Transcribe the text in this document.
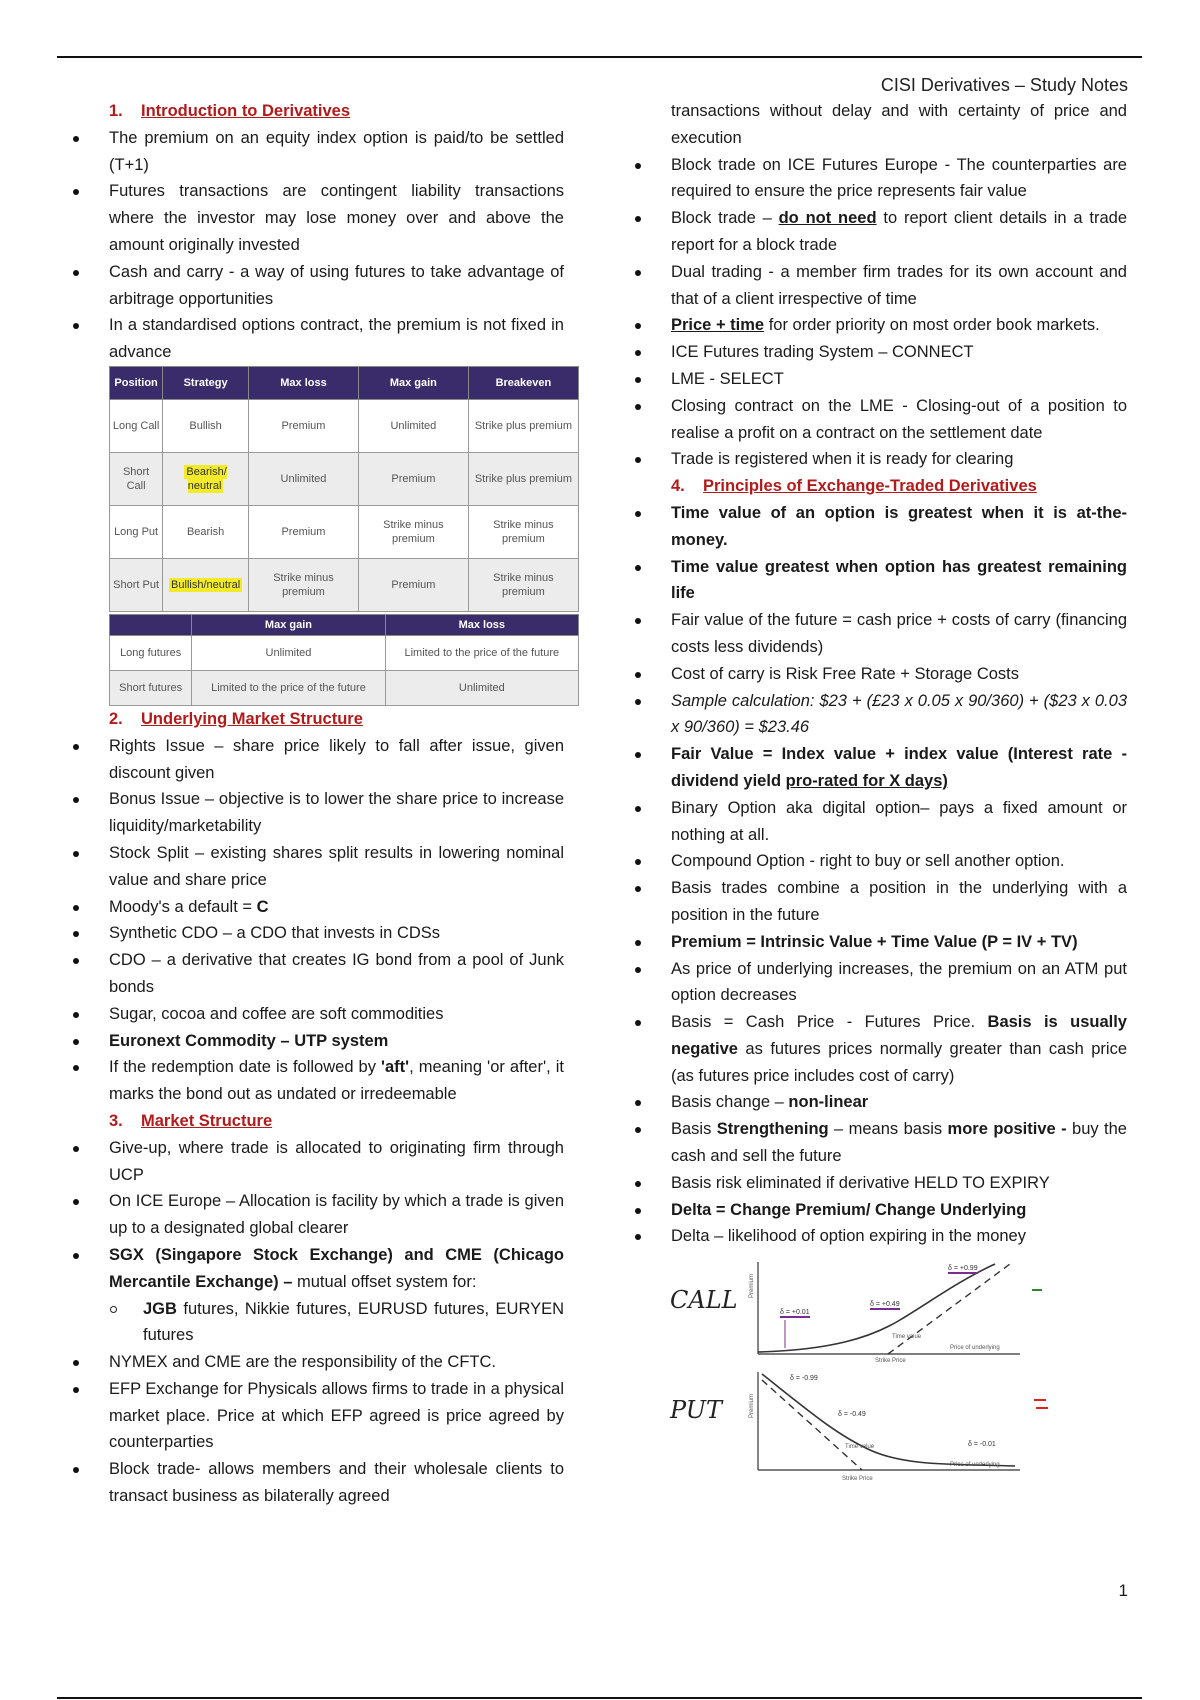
CISI Derivatives – Study Notes
1. Introduction to Derivatives
The premium on an equity index option is paid/to be settled (T+1)
Futures transactions are contingent liability transactions where the investor may lose money over and above the amount originally invested
Cash and carry - a way of using futures to take advantage of arbitrage opportunities
In a standardised options contract, the premium is not fixed in advance
Position	Strategy	Max loss	Max gain	Breakeven
Long Call	Bullish	Premium	Unlimited	Strike plus premium
Short Call	Bearish/ neutral	Unlimited	Premium	Strike plus premium
Long Put	Bearish	Premium	Strike minus premium	Strike minus premium
Short Put	Bullish/neutral	Strike minus premium	Premium	Strike minus premium
	Max gain	Max loss
Long futures	Unlimited	Limited to the price of the future
Short futures	Limited to the price of the future	Unlimited
2. Underlying Market Structure
Rights Issue – share price likely to fall after issue, given discount given
Bonus Issue – objective is to lower the share price to increase liquidity/marketability
Stock Split – existing shares split results in lowering nominal value and share price
Moody's a default = C
Synthetic CDO – a CDO that invests in CDSs
CDO – a derivative that creates IG bond from a pool of Junk bonds
Sugar, cocoa and coffee are soft commodities
Euronext Commodity – UTP system
If the redemption date is followed by 'aft', meaning 'or after', it marks the bond out as undated or irredeemable
3. Market Structure
Give-up, where trade is allocated to originating firm through UCP
On ICE Europe – Allocation is facility by which a trade is given up to a designated global clearer
SGX (Singapore Stock Exchange) and CME (Chicago Mercantile Exchange) – mutual offset system for:
JGB futures, Nikkie futures, EURUSD futures, EURYEN futures
NYMEX and CME are the responsibility of the CFTC.
EFP Exchange for Physicals allows firms to trade in a physical market place. Price at which EFP agreed is price agreed by counterparties
Block trade- allows members and their wholesale clients to transact business as bilaterally agreed
transactions without delay and with certainty of price and execution
Block trade on ICE Futures Europe - The counterparties are required to ensure the price represents fair value
Block trade – do not need to report client details in a trade report for a block trade
Dual trading - a member firm trades for its own account and that of a client irrespective of time
Price + time for order priority on most order book markets.
ICE Futures trading System – CONNECT
LME - SELECT
Closing contract on the LME - Closing-out of a position to realise a profit on a contract on the settlement date
Trade is registered when it is ready for clearing
4. Principles of Exchange-Traded Derivatives
Time value of an option is greatest when it is at-the-money.
Time value greatest when option has greatest remaining life
Fair value of the future = cash price + costs of carry (financing costs less dividends)
Cost of carry is Risk Free Rate + Storage Costs
Sample calculation: $23 + (£23 x 0.05 x 90/360) + ($23 x 0.03 x 90/360) = $23.46
Fair Value = Index value + index value (Interest rate - dividend yield pro-rated for X days)
Binary Option aka digital option– pays a fixed amount or nothing at all.
Compound Option - right to buy or sell another option.
Basis trades combine a position in the underlying with a position in the future
Premium = Intrinsic Value + Time Value (P = IV + TV)
As price of underlying increases, the premium on an ATM put option decreases
Basis = Cash Price - Futures Price. Basis is usually negative as futures prices normally greater than cash price (as futures price includes cost of carry)
Basis change – non-linear
Basis Strengthening – means basis more positive - buy the cash and sell the future
Basis risk eliminated if derivative HELD TO EXPIRY
Delta = Change Premium/ Change Underlying
Delta – likelihood of option expiring in the money
CALL
Premium
Price of underlying
Strike Price
Time value
δ = +0.01
δ = +0.49
δ = +0.99
PUT	Premium
Price of underlying
Strike Price
Time value
δ = -0.99
δ = -0.49
δ = -0.01
1
